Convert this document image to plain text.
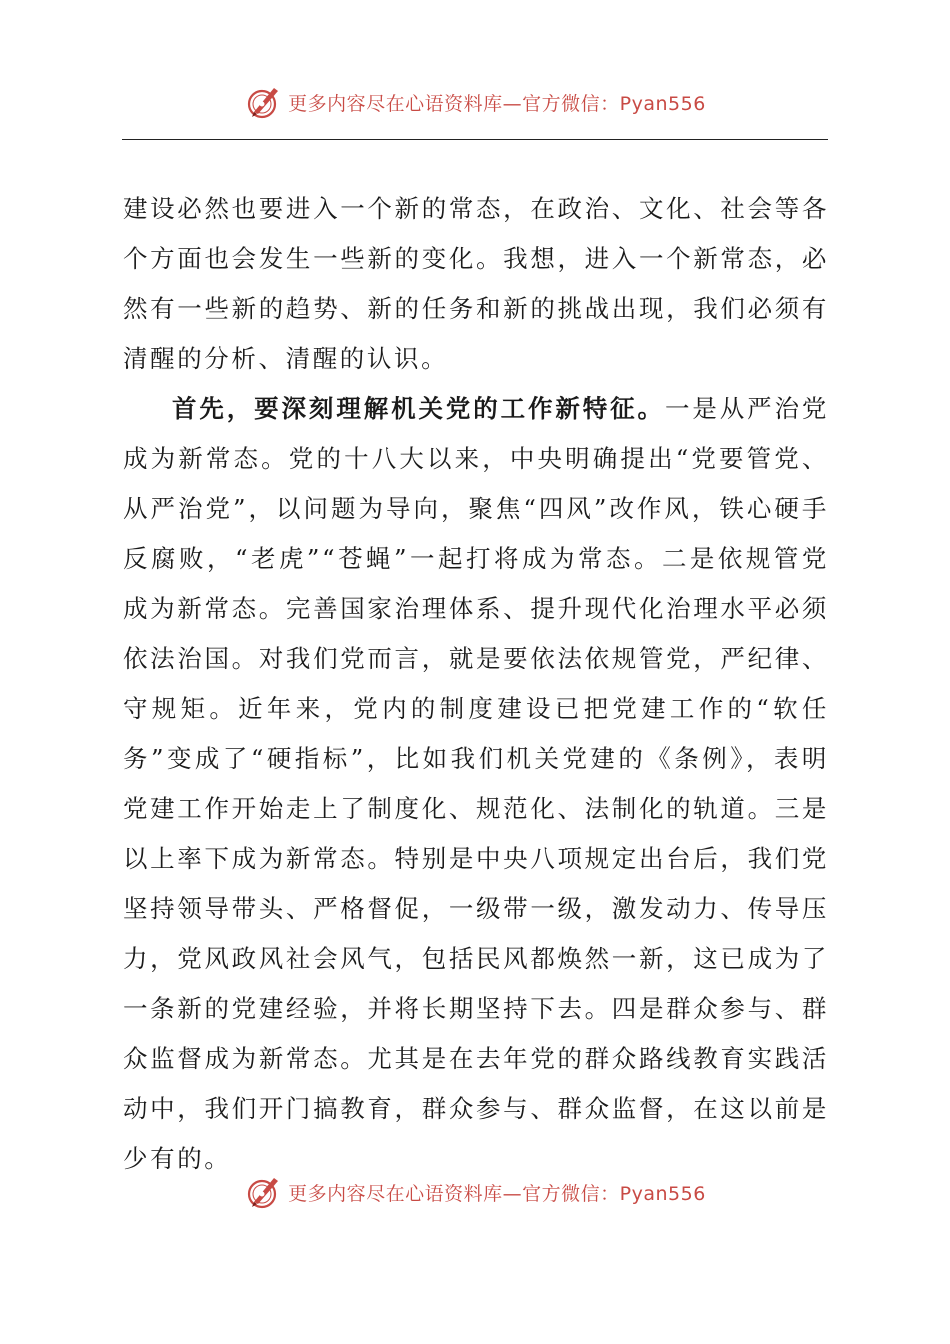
更多内容尽在心语资料库—官方微信：Pyan556

建设必然也要进入一个新的常态，在政治、文化、社会等各个方面也会发生一些新的变化。我想，进入一个新常态，必然有一些新的趋势、新的任务和新的挑战出现，我们必须有清醒的分析、清醒的认识。

首先，要深刻理解机关党的工作新特征。一是从严治党成为新常态。党的十八大以来，中央明确提出“党要管党、从严治党”，以问题为导向，聚焦“四风”改作风，铁心硬手反腐败，“老虎”“苍蝇”一起打将成为常态。二是依规管党成为新常态。完善国家治理体系、提升现代化治理水平必须依法治国。对我们党而言，就是要依法依规管党，严纪律、守规矩。近年来，党内的制度建设已把党建工作的“软任务”变成了“硬指标”，比如我们机关党建的《条例》，表明党建工作开始走上了制度化、规范化、法制化的轨道。三是以上率下成为新常态。特别是中央八项规定出台后，我们党坚持领导带头、严格督促，一级带一级，激发动力、传导压力，党风政风社会风气，包括民风都焕然一新，这已成为了一条新的党建经验，并将长期坚持下去。四是群众参与、群众监督成为新常态。尤其是在去年党的群众路线教育实践活动中，我们开门搞教育，群众参与、群众监督，在这以前是少有的。

更多内容尽在心语资料库—官方微信：Pyan556
